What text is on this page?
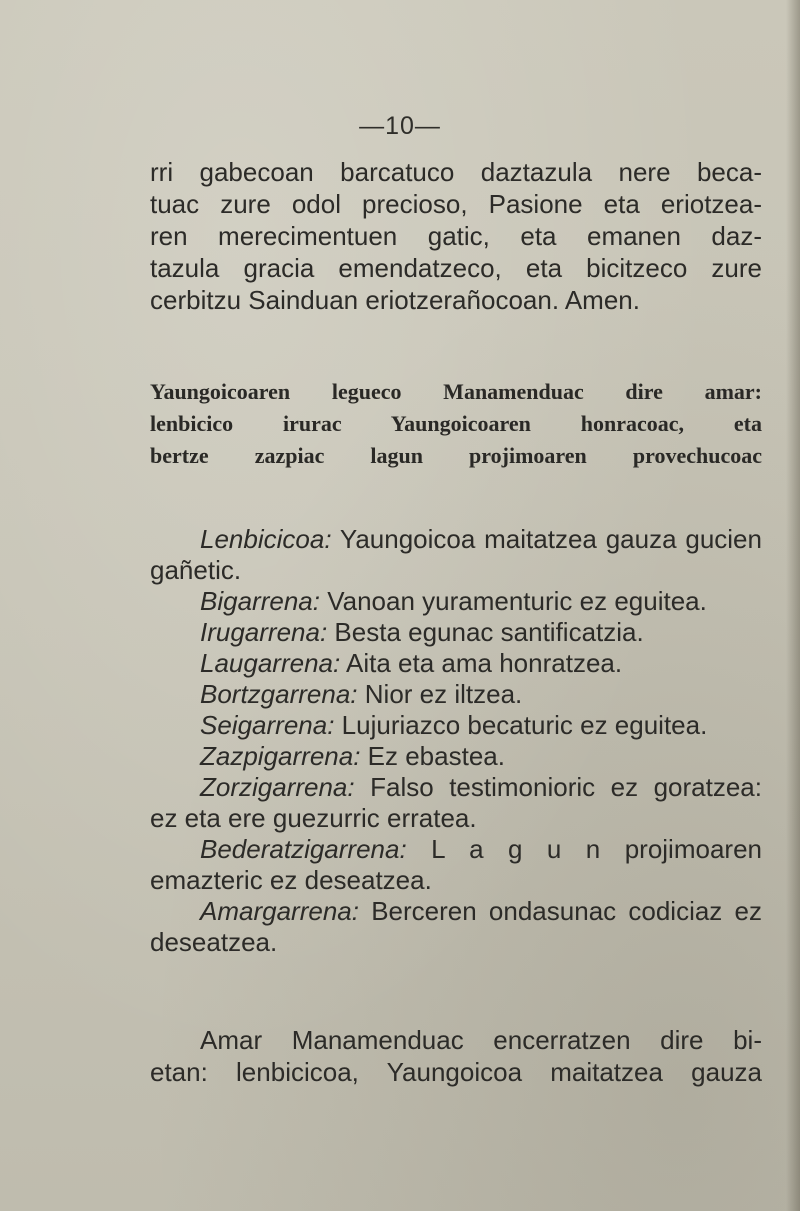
—10—
rri gabecoan barcatuco daztazula nere beca-
tuac zure odol precioso, Pasione eta eriotzea-
ren merecimentuen gatic, eta emanen daz-
tazula gracia emendatzeco, eta bicitzeco zure
cerbitzu Sainduan eriotzerañocoan. Amen.
Yaungoicoaren legueco Manamenduac dire amar:
lenbicico irurac Yaungoicoaren honracoac, eta
bertze zazpiac lagun projimoaren provechucoac

Lenbicicoa: Yaungoicoa maitatzea gauza gucien gañetic.

Bigarrena: Vanoan yuramenturic ez eguitea.

Irugarrena: Besta egunac santificatzia.

Laugarrena: Aita eta ama honratzea.

Bortzgarrena: Nior ez iltzea.

Seigarrena: Lujuriazco becaturic ez eguitea.

Zazpigarrena: Ez ebastea.

Zorzigarrena: Falso testimonioric ez goratzea: ez eta ere guezurric erratea.

Bederatzigarrena: L a g u n projimoaren emazteric ez deseatzea.

Amargarrena: Berceren ondasunac codiciaz ez deseatzea.

Amar Manamenduac encerratzen dire bi-
etan: lenbicicoa, Yaungoicoa maitatzea gauza
